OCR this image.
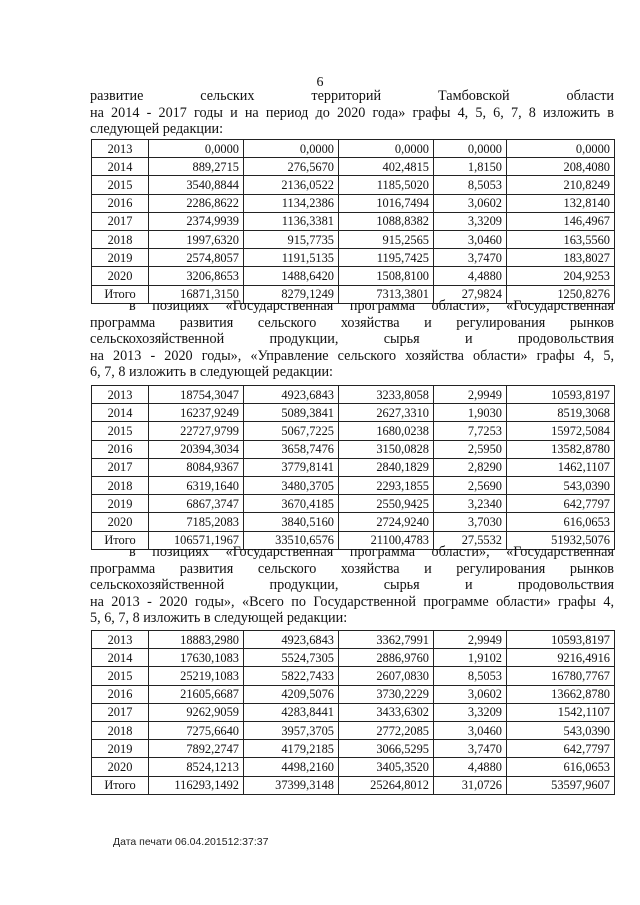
6
развитие сельских территорий Тамбовской области
на 2014 - 2017 годы и на период до 2020 года» графы 4, 5, 6, 7, 8 изложить в
следующей редакции:
2013	0,0000	0,0000	0,0000	0,0000	0,0000
2014	889,2715	276,5670	402,4815	1,8150	208,4080
2015	3540,8844	2136,0522	1185,5020	8,5053	210,8249
2016	2286,8622	1134,2386	1016,7494	3,0602	132,8140
2017	2374,9939	1136,3381	1088,8382	3,3209	146,4967
2018	1997,6320	915,7735	915,2565	3,0460	163,5560
2019	2574,8057	1191,5135	1195,7425	3,7470	183,8027
2020	3206,8653	1488,6420	1508,8100	4,4880	204,9253
Итого	16871,3150	8279,1249	7313,3801	27,9824	1250,8276
в позициях «Государственная программа области», «Государственная
программа развития сельского хозяйства и регулирования рынков
сельскохозяйственной продукции, сырья и продовольствия
на 2013 - 2020 годы», «Управление сельского хозяйства области» графы 4, 5,
6, 7, 8 изложить в следующей редакции:
2013	18754,3047	4923,6843	3233,8058	2,9949	10593,8197
2014	16237,9249	5089,3841	2627,3310	1,9030	8519,3068
2015	22727,9799	5067,7225	1680,0238	7,7253	15972,5084
2016	20394,3034	3658,7476	3150,0828	2,5950	13582,8780
2017	8084,9367	3779,8141	2840,1829	2,8290	1462,1107
2018	6319,1640	3480,3705	2293,1855	2,5690	543,0390
2019	6867,3747	3670,4185	2550,9425	3,2340	642,7797
2020	7185,2083	3840,5160	2724,9240	3,7030	616,0653
Итого	106571,1967	33510,6576	21100,4783	27,5532	51932,5076
в позициях «Государственная программа области», «Государственная
программа развития сельского хозяйства и регулирования рынков
сельскохозяйственной продукции, сырья и продовольствия
на 2013 - 2020 годы», «Всего по Государственной программе области» графы 4,
5, 6, 7, 8 изложить в следующей редакции:
2013	18883,2980	4923,6843	3362,7991	2,9949	10593,8197
2014	17630,1083	5524,7305	2886,9760	1,9102	9216,4916
2015	25219,1083	5822,7433	2607,0830	8,5053	16780,7767
2016	21605,6687	4209,5076	3730,2229	3,0602	13662,8780
2017	9262,9059	4283,8441	3433,6302	3,3209	1542,1107
2018	7275,6640	3957,3705	2772,2085	3,0460	543,0390
2019	7892,2747	4179,2185	3066,5295	3,7470	642,7797
2020	8524,1213	4498,2160	3405,3520	4,4880	616,0653
Итого	116293,1492	37399,3148	25264,8012	31,0726	53597,9607
Дата печати 06.04.201512:37:37
